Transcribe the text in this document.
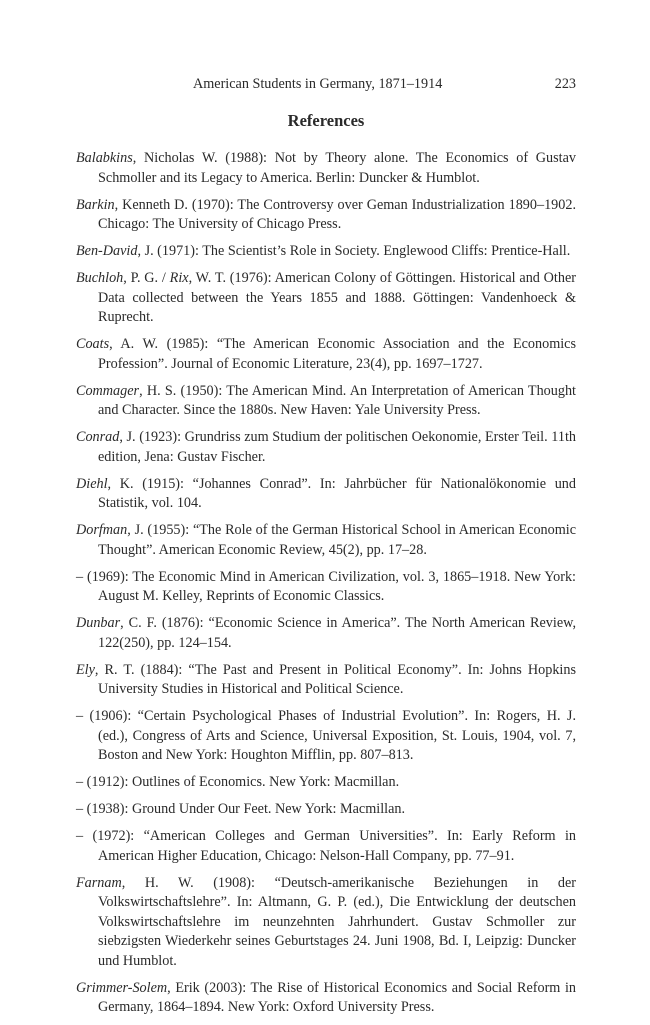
American Students in Germany, 1871–1914	223
References
Balabkins, Nicholas W. (1988): Not by Theory alone. The Economics of Gustav Schmoller and its Legacy to America. Berlin: Duncker & Humblot.
Barkin, Kenneth D. (1970): The Controversy over Geman Industrialization 1890–1902. Chicago: The University of Chicago Press.
Ben-David, J. (1971): The Scientist’s Role in Society. Englewood Cliffs: Prentice-Hall.
Buchloh, P. G. / Rix, W. T. (1976): American Colony of Göttingen. Historical and Other Data collected between the Years 1855 and 1888. Göttingen: Vandenhoeck & Ruprecht.
Coats, A. W. (1985): “The American Economic Association and the Economics Profession”. Journal of Economic Literature, 23(4), pp. 1697–1727.
Commager, H. S. (1950): The American Mind. An Interpretation of American Thought and Character. Since the 1880s. New Haven: Yale University Press.
Conrad, J. (1923): Grundriss zum Studium der politischen Oekonomie, Erster Teil. 11th edition, Jena: Gustav Fischer.
Diehl, K. (1915): “Johannes Conrad”. In: Jahrbücher für Nationalökonomie und Statistik, vol. 104.
Dorfman, J. (1955): “The Role of the German Historical School in American Economic Thought”. American Economic Review, 45(2), pp. 17–28.
– (1969): The Economic Mind in American Civilization, vol. 3, 1865–1918. New York: August M. Kelley, Reprints of Economic Classics.
Dunbar, C. F. (1876): “Economic Science in America”. The North American Review, 122(250), pp. 124–154.
Ely, R. T. (1884): “The Past and Present in Political Economy”. In: Johns Hopkins University Studies in Historical and Political Science.
– (1906): “Certain Psychological Phases of Industrial Evolution”. In: Rogers, H. J. (ed.), Congress of Arts and Science, Universal Exposition, St. Louis, 1904, vol. 7, Boston and New York: Houghton Mifflin, pp. 807–813.
– (1912): Outlines of Economics. New York: Macmillan.
– (1938): Ground Under Our Feet. New York: Macmillan.
– (1972): “American Colleges and German Universities”. In: Early Reform in American Higher Education, Chicago: Nelson-Hall Company, pp. 77–91.
Farnam, H. W. (1908): “Deutsch-amerikanische Beziehungen in der Volkswirtschaftslehre”. In: Altmann, G. P. (ed.), Die Entwicklung der deutschen Volkswirtschaftslehre im neunzehnten Jahrhundert. Gustav Schmoller zur siebzigsten Wiederkehr seines Geburtstages 24. Juni 1908, Bd. I, Leipzig: Duncker und Humblot.
Grimmer-Solem, Erik (2003): The Rise of Historical Economics and Social Reform in Germany, 1864–1894. New York: Oxford University Press.
